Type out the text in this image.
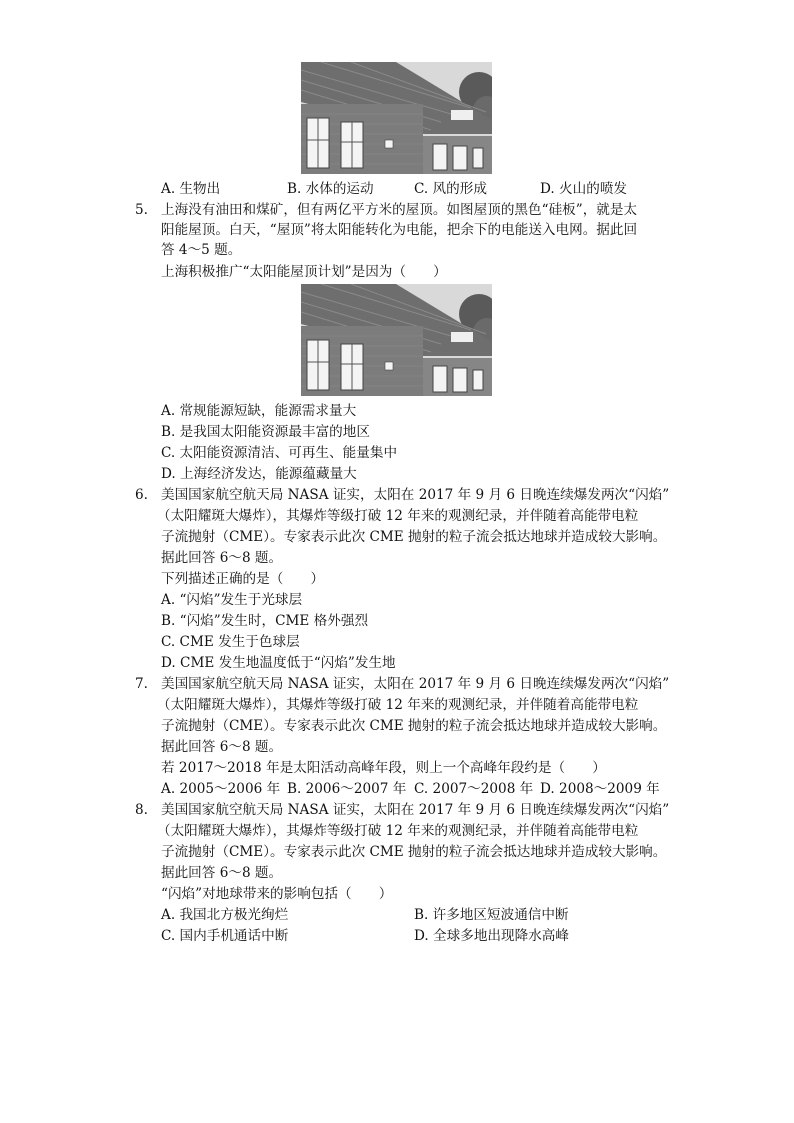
A. 生物出	B. 水体的运动	C. 风的形成	D. 火山的喷发
5. 上海没有油田和煤矿，但有两亿平方米的屋顶。如图屋顶的黑色“硅板”，就是太
阳能屋顶。白天，“屋顶”将太阳能转化为电能，把余下的电能送入电网。据此回
答 4～5 题。
上海积极推广“太阳能屋顶计划”是因为（　　）
A. 常规能源短缺，能源需求量大
B. 是我国太阳能资源最丰富的地区
C. 太阳能资源清洁、可再生、能量集中
D. 上海经济发达，能源蕴藏量大
6. 美国国家航空航天局 NASA 证实，太阳在 2017 年 9 月 6 日晚连续爆发两次“闪焰”
（太阳耀斑大爆炸），其爆炸等级打破 12 年来的观测纪录，并伴随着高能带电粒
子流抛射（CME）。专家表示此次 CME 抛射的粒子流会抵达地球并造成较大影响。
据此回答 6～8 题。
下列描述正确的是（　　）
A. “闪焰”发生于光球层
B. “闪焰”发生时，CME 格外强烈
C. CME 发生于色球层
D. CME 发生地温度低于“闪焰”发生地
7. 美国国家航空航天局 NASA 证实，太阳在 2017 年 9 月 6 日晚连续爆发两次“闪焰”
（太阳耀斑大爆炸），其爆炸等级打破 12 年来的观测纪录，并伴随着高能带电粒
子流抛射（CME）。专家表示此次 CME 抛射的粒子流会抵达地球并造成较大影响。
据此回答 6～8 题。
若 2017～2018 年是太阳活动高峰年段，则上一个高峰年段约是（　　）
A. 2005～2006 年 B. 2006～2007 年 C. 2007～2008 年 D. 2008～2009 年
8. 美国国家航空航天局 NASA 证实，太阳在 2017 年 9 月 6 日晚连续爆发两次“闪焰”
（太阳耀斑大爆炸），其爆炸等级打破 12 年来的观测纪录，并伴随着高能带电粒
子流抛射（CME）。专家表示此次 CME 抛射的粒子流会抵达地球并造成较大影响。
据此回答 6～8 题。
“闪焰”对地球带来的影响包括（　　）
A. 我国北方极光绚烂	B. 许多地区短波通信中断
C. 国内手机通话中断	D. 全球多地出现降水高峰
